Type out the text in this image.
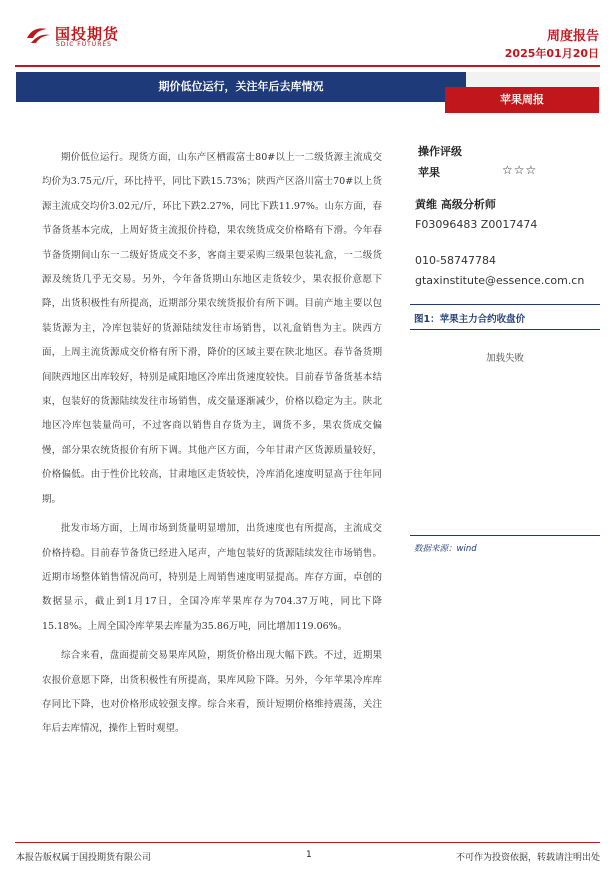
国投期货
SDIC FUTURES
周度报告
2025年01月20日
期价低位运行，关注年后去库情况
苹果周报

期价低位运行。现货方面，山东产区栖霞富士80#以上一二级货源主流成交均价为3.75元/斤，环比持平，同比下跌15.73%；陕西产区洛川富士70#以上货源主流成交均价3.02元/斤，环比下跌2.27%，同比下跌11.97%。山东方面，春节备货基本完成，上周好货主流报价持稳，果农统货成交价格略有下滑。今年春节备货期间山东一二级好货成交不多，客商主要采购三级果包装礼盒，一二级货源及统货几乎无交易。另外，今年备货期山东地区走货较少，果农报价意愿下降，出货积极性有所提高，近期部分果农统货报价有所下调。目前产地主要以包装货源为主，冷库包装好的货源陆续发往市场销售，以礼盒销售为主。陕西方面，上周主流货源成交价格有所下滑，降价的区域主要在陕北地区。春节备货期间陕西地区出库较好，特别是咸阳地区冷库出货速度较快。目前春节备货基本结束，包装好的货源陆续发往市场销售，成交量逐渐减少，价格以稳定为主。陕北地区冷库包装量尚可，不过客商以销售自存货为主，调货不多，果农货成交偏慢，部分果农统货报价有所下调。其他产区方面，今年甘肃产区货源质量较好，价格偏低。由于性价比较高，甘肃地区走货较快，冷库消化速度明显高于往年同期。

批发市场方面，上周市场到货量明显增加，出货速度也有所提高，主流成交价格持稳。目前春节备货已经进入尾声，产地包装好的货源陆续发往市场销售。近期市场整体销售情况尚可，特别是上周销售速度明显提高。库存方面，卓创的数据显示，截止到1月17日，全国冷库苹果库存为704.37万吨，同比下降15.18%。上周全国冷库苹果去库量为35.86万吨，同比增加119.06%。

综合来看，盘面提前交易果库风险，期货价格出现大幅下跌。不过，近期果农报价意愿下降，出货积极性有所提高，果库风险下降。另外，今年苹果冷库库存同比下降，也对价格形成较强支撑。综合来看，预计短期价格维持震荡，关注年后去库情况，操作上暂时观望。

操作评级
苹果	☆☆☆
黄维 高级分析师
F03096483 Z0017474
010-58747784
gtaxinstitute@essence.com.cn
图1：苹果主力合约收盘价
加载失败
数据来源：wind
本报告版权属于国投期货有限公司	1	不可作为投资依据，转载请注明出处
